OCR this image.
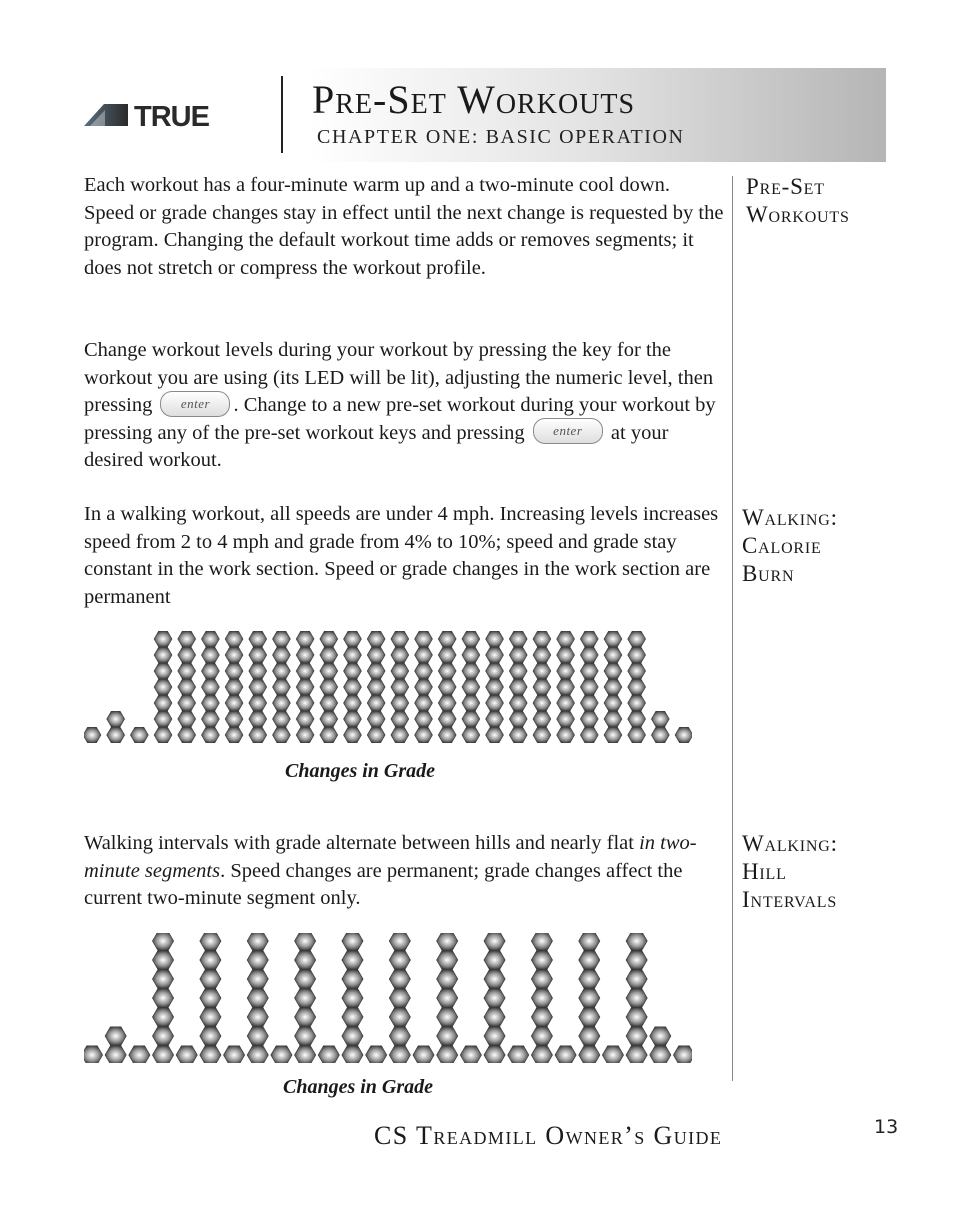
TRUE	Pre-Set Workouts
CHAPTER ONE: BASIC OPERATION

Each workout has a four-minute warm up and a two-minute cool down. Speed or grade changes stay in effect until the next change is requested by the program. Changing the default workout time adds or removes segments; it does not stretch or compress the workout profile.

Change workout levels during your workout by pressing the key for the workout you are using (its LED will be lit), adjusting the numeric level, then pressing enter . Change to a new pre-set workout during your workout by pressing any of the pre-set workout keys and pressing enter at your desired workout.

Pre-Set
Workouts

In a walking workout, all speeds are under 4 mph. Increasing levels increases speed from 2 to 4 mph and grade from 4% to 10%; speed and grade stay constant in the work section. Speed or grade changes in the work section are permanent

Walking:
Calorie
Burn
Changes in Grade

Walking intervals with grade alternate between hills and nearly flat in two-minute segments. Speed changes are permanent; grade changes affect the current two-minute segment only.

Walking:
Hill
Intervals
Changes in Grade
CS Treadmill Owner’s Guide	13
